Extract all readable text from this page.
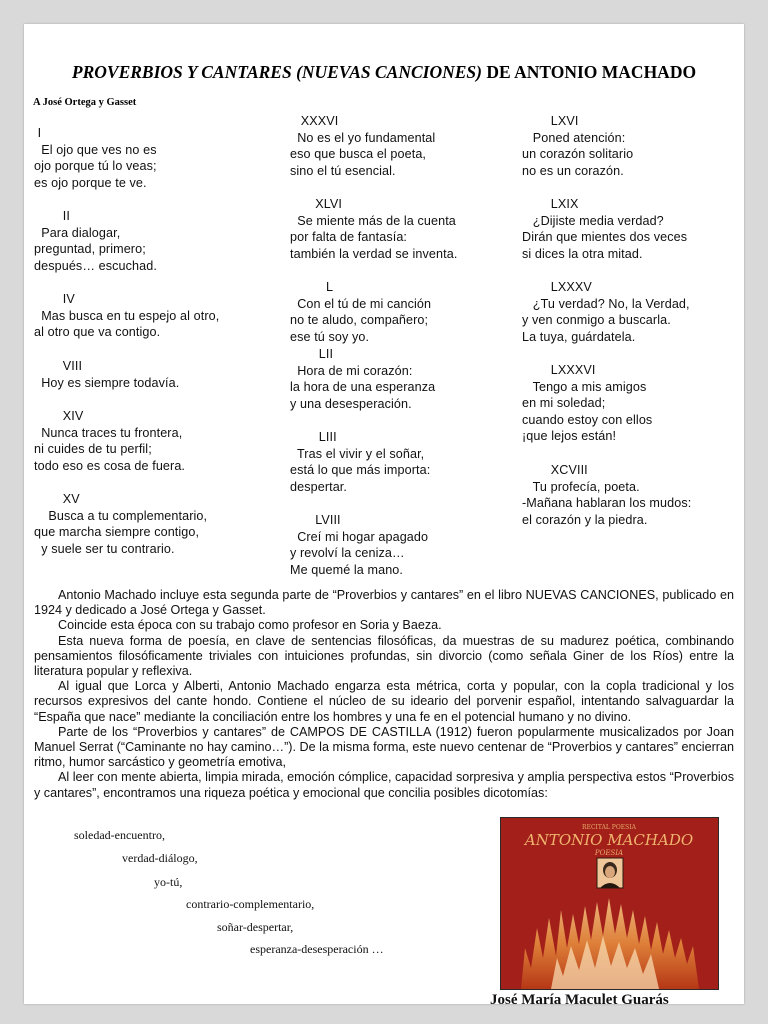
PROVERBIOS Y CANTARES (NUEVAS CANCIONES) DE ANTONIO MACHADO
A José Ortega y Gasset
I
El ojo que ves no es
ojo porque tú lo veas;
es ojo porque te ve.
II
Para dialogar,
preguntad, primero;
después… escuchad.
IV
Mas busca en tu espejo al otro,
al otro que va contigo.
VIII
Hoy es siempre todavía.
XIV
Nunca traces tu frontera,
ni cuides de tu perfil;
todo eso es cosa de fuera.
XV
Busca a tu complementario,
que marcha siempre contigo,
y suele ser tu contrario.
XXXVI
No es el yo fundamental
eso que busca el poeta,
sino el tú esencial.
XLVI
Se miente más de la cuenta
por falta de fantasía:
también la verdad se inventa.
L
Con el tú de mi canción
no te aludo, compañero;
ese tú soy yo.
LII
Hora de mi corazón:
la hora de una esperanza
y una desesperación.
LIII
Tras el vivir y el soñar,
está lo que más importa:
despertar.
LVIII
Creí mi hogar apagado
y revolví la ceniza…
Me quemé la mano.
LXVI
Poned atención:
un corazón solitario
no es un corazón.
LXIX
¿Dijiste media verdad?
Dirán que mientes dos veces
si dices la otra mitad.
LXXXV
¿Tu verdad? No, la Verdad,
y ven conmigo a buscarla.
La tuya, guárdatela.
LXXXVI
Tengo a mis amigos
en mi soledad;
cuando estoy con ellos
¡que lejos están!
XCVIII
Tu profecía, poeta.
-Mañana hablaran los mudos:
el corazón y la piedra.

Antonio Machado incluye esta segunda parte de “Proverbios y cantares” en el libro NUEVAS CANCIONES, publicado en 1924 y dedicado a José Ortega y Gasset.

Coincide esta época con su trabajo como profesor en Soria y Baeza.

Esta nueva forma de poesía, en clave de sentencias filosóficas, da muestras de su madurez poética, combinando pensamientos filosóficamente triviales con intuiciones profundas, sin divorcio (como señala Giner de los Ríos) entre la literatura popular y reflexiva.

Al igual que Lorca y Alberti, Antonio Machado engarza esta métrica, corta y popular, con la copla tradicional y los recursos expresivos del cante hondo. Contiene el núcleo de su ideario del porvenir español, intentando salvaguardar la “España que nace” mediante la conciliación entre los hombres y una fe en el potencial humano y no divino.

Parte de los “Proverbios y cantares” de CAMPOS DE CASTILLA (1912) fueron popularmente musicalizados por Joan Manuel Serrat (“Caminante no hay camino…”). De la misma forma, este nuevo centenar de “Proverbios y cantares” encierran ritmo, humor sarcástico y geometría emotiva,

Al leer con mente abierta, limpia mirada, emoción cómplice, capacidad sorpresiva y amplia perspectiva estos “Proverbios y cantares”, encontramos una riqueza poética y emocional que concilia posibles dicotomías:

soledad-encuentro,
verdad-diálogo,
yo-tú,
contrario-complementario,
soñar-despertar,
esperanza-desesperación …
RECITAL POESIA
ANTONIO MACHADO
POESIA
José María Maculet Guarás
